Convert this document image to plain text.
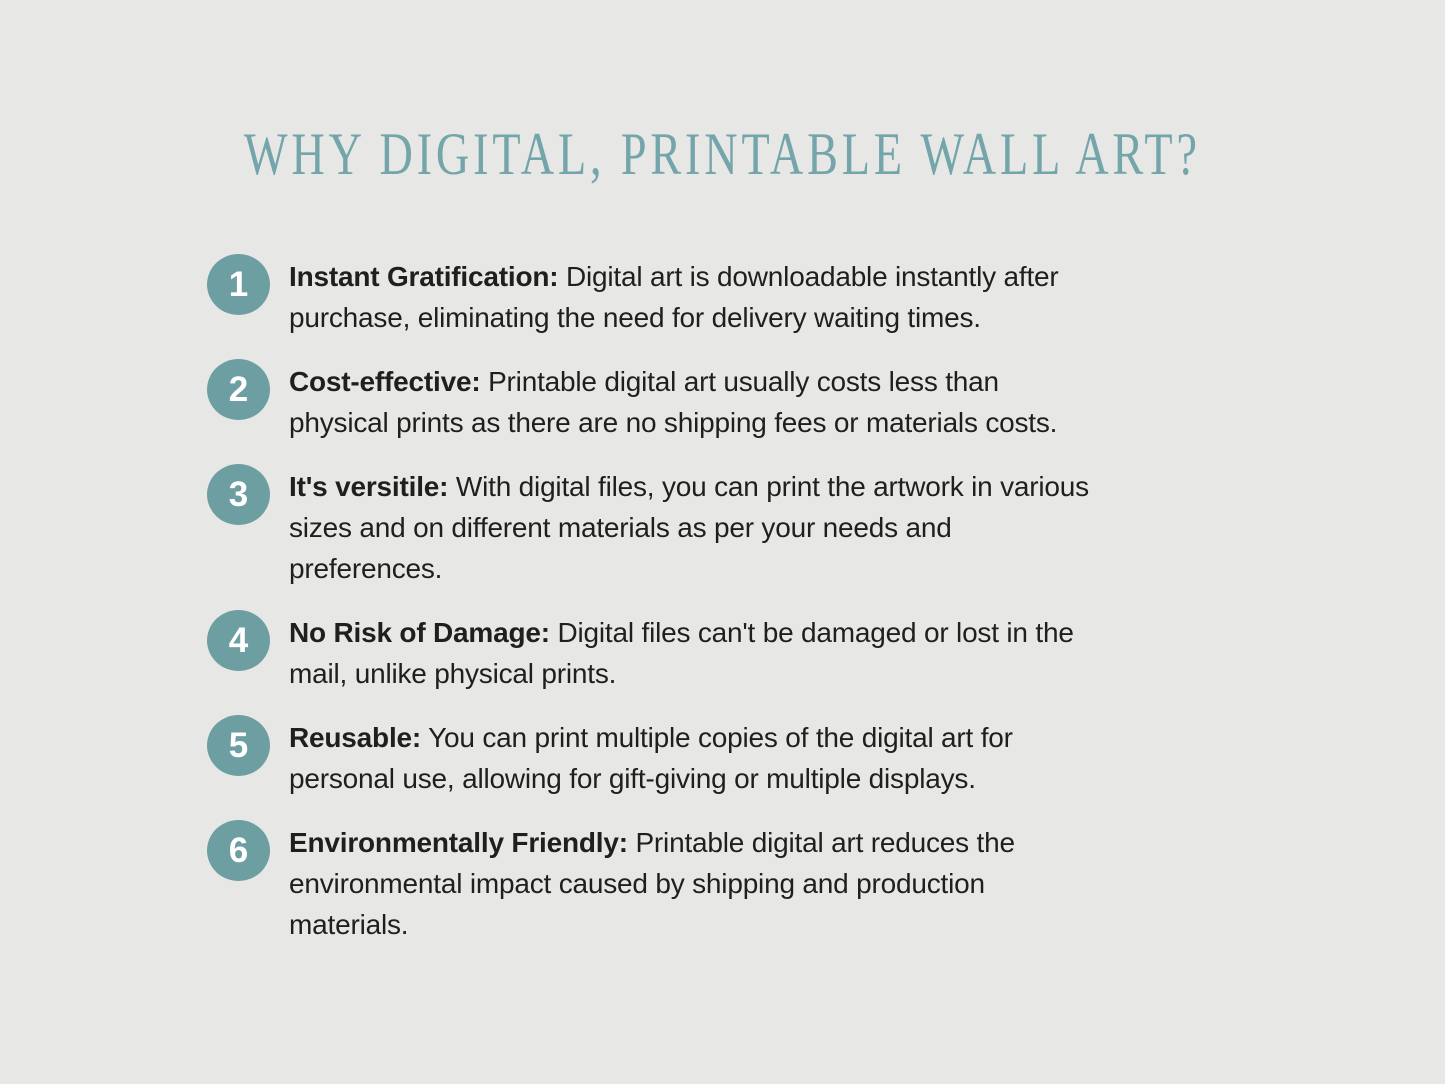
WHY DIGITAL, PRINTABLE WALL ART?
1	Instant Gratification: Digital art is downloadable instantly after
purchase, eliminating the need for delivery waiting times.
2	Cost-effective: Printable digital art usually costs less than
physical prints as there are no shipping fees or materials costs.
3	It's versitile: With digital files, you can print the artwork in various
sizes and on different materials as per your needs and
preferences.
4	No Risk of Damage: Digital files can't be damaged or lost in the
mail, unlike physical prints.
5	Reusable: You can print multiple copies of the digital art for
personal use, allowing for gift-giving or multiple displays.
6	Environmentally Friendly: Printable digital art reduces the
environmental impact caused by shipping and production
materials.
